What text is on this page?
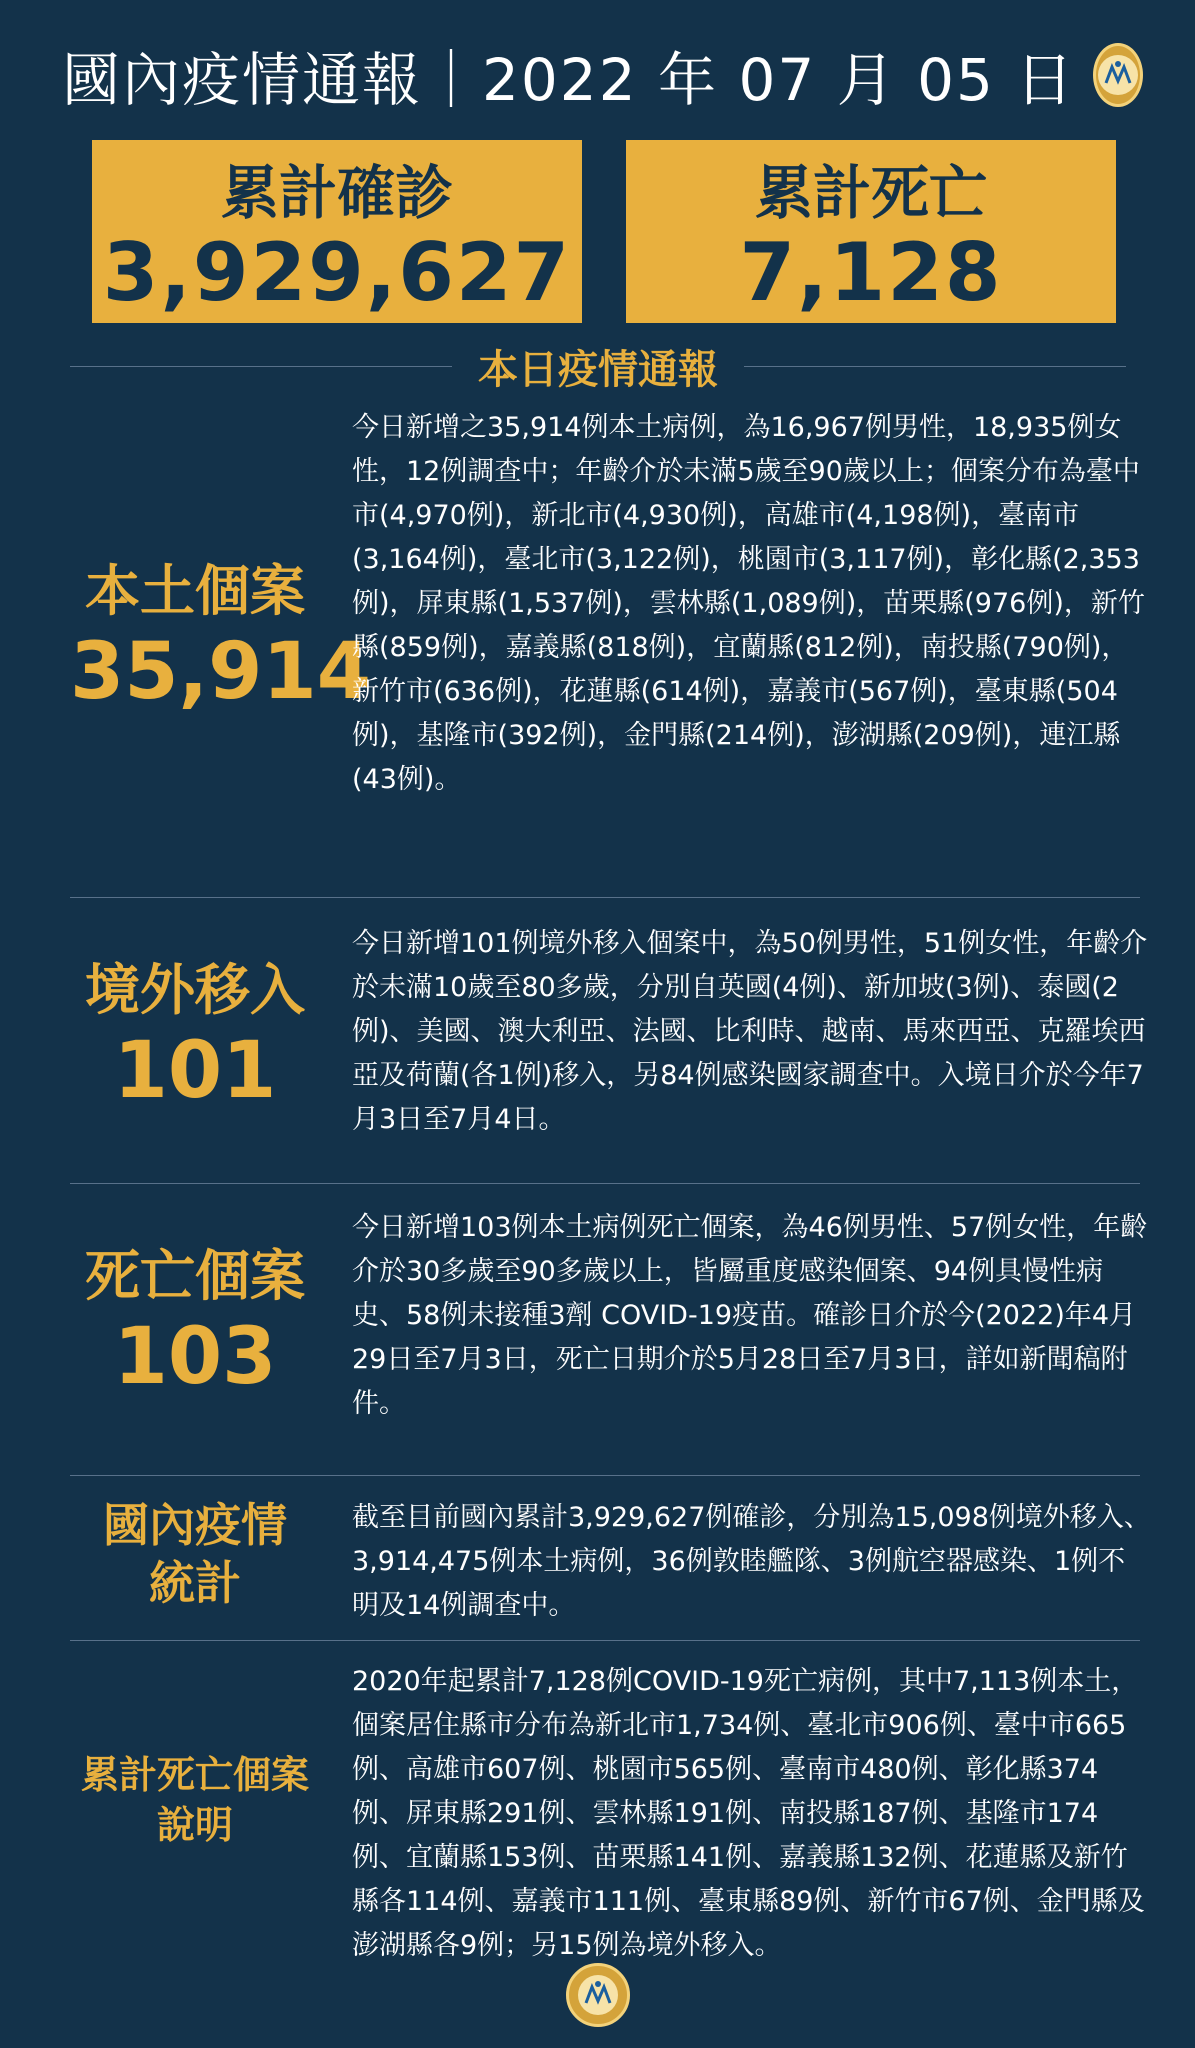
國內疫情通報｜2022 年 07 月 05 日
累計確診
3,929,627
累計死亡
7,128
本日疫情通報
本土個案
35,914
今日新增之35,914例本土病例，為16,967例男性，18,935例女性，12例調查中；年齡介於未滿5歲至90歲以上；個案分布為臺中市(4,970例)，新北市(4,930例)，高雄市(4,198例)，臺南市(3,164例)，臺北市(3,122例)，桃園市(3,117例)，彰化縣(2,353例)，屏東縣(1,537例)，雲林縣(1,089例)，苗栗縣(976例)，新竹縣(859例)，嘉義縣(818例)，宜蘭縣(812例)，南投縣(790例)，新竹市(636例)，花蓮縣(614例)，嘉義市(567例)，臺東縣(504例)，基隆市(392例)，金門縣(214例)，澎湖縣(209例)，連江縣(43例)。
境外移入
101
今日新增101例境外移入個案中，為50例男性，51例女性，年齡介於未滿10歲至80多歲，分別自英國(4例)、新加坡(3例)、泰國(2例)、美國、澳大利亞、法國、比利時、越南、馬來西亞、克羅埃西亞及荷蘭(各1例)移入，另84例感染國家調查中。入境日介於今年7月3日至7月4日。
死亡個案
103
今日新增103例本土病例死亡個案，為46例男性、57例女性，年齡介於30多歲至90多歲以上，皆屬重度感染個案、94例具慢性病史、58例未接種3劑 COVID-19疫苗。確診日介於今(2022)年4月29日至7月3日，死亡日期介於5月28日至7月3日，詳如新聞稿附件。
國內疫情
統計
截至目前國內累計3,929,627例確診，分別為15,098例境外移入、3,914,475例本土病例，36例敦睦艦隊、3例航空器感染、1例不明及14例調查中。
累計死亡個案
說明
2020年起累計7,128例COVID-19死亡病例，其中7,113例本土，個案居住縣市分布為新北市1,734例、臺北市906例、臺中市665例、高雄市607例、桃園市565例、臺南市480例、彰化縣374例、屏東縣291例、雲林縣191例、南投縣187例、基隆市174例、宜蘭縣153例、苗栗縣141例、嘉義縣132例、花蓮縣及新竹縣各114例、嘉義市111例、臺東縣89例、新竹市67例、金門縣及澎湖縣各9例；另15例為境外移入。
